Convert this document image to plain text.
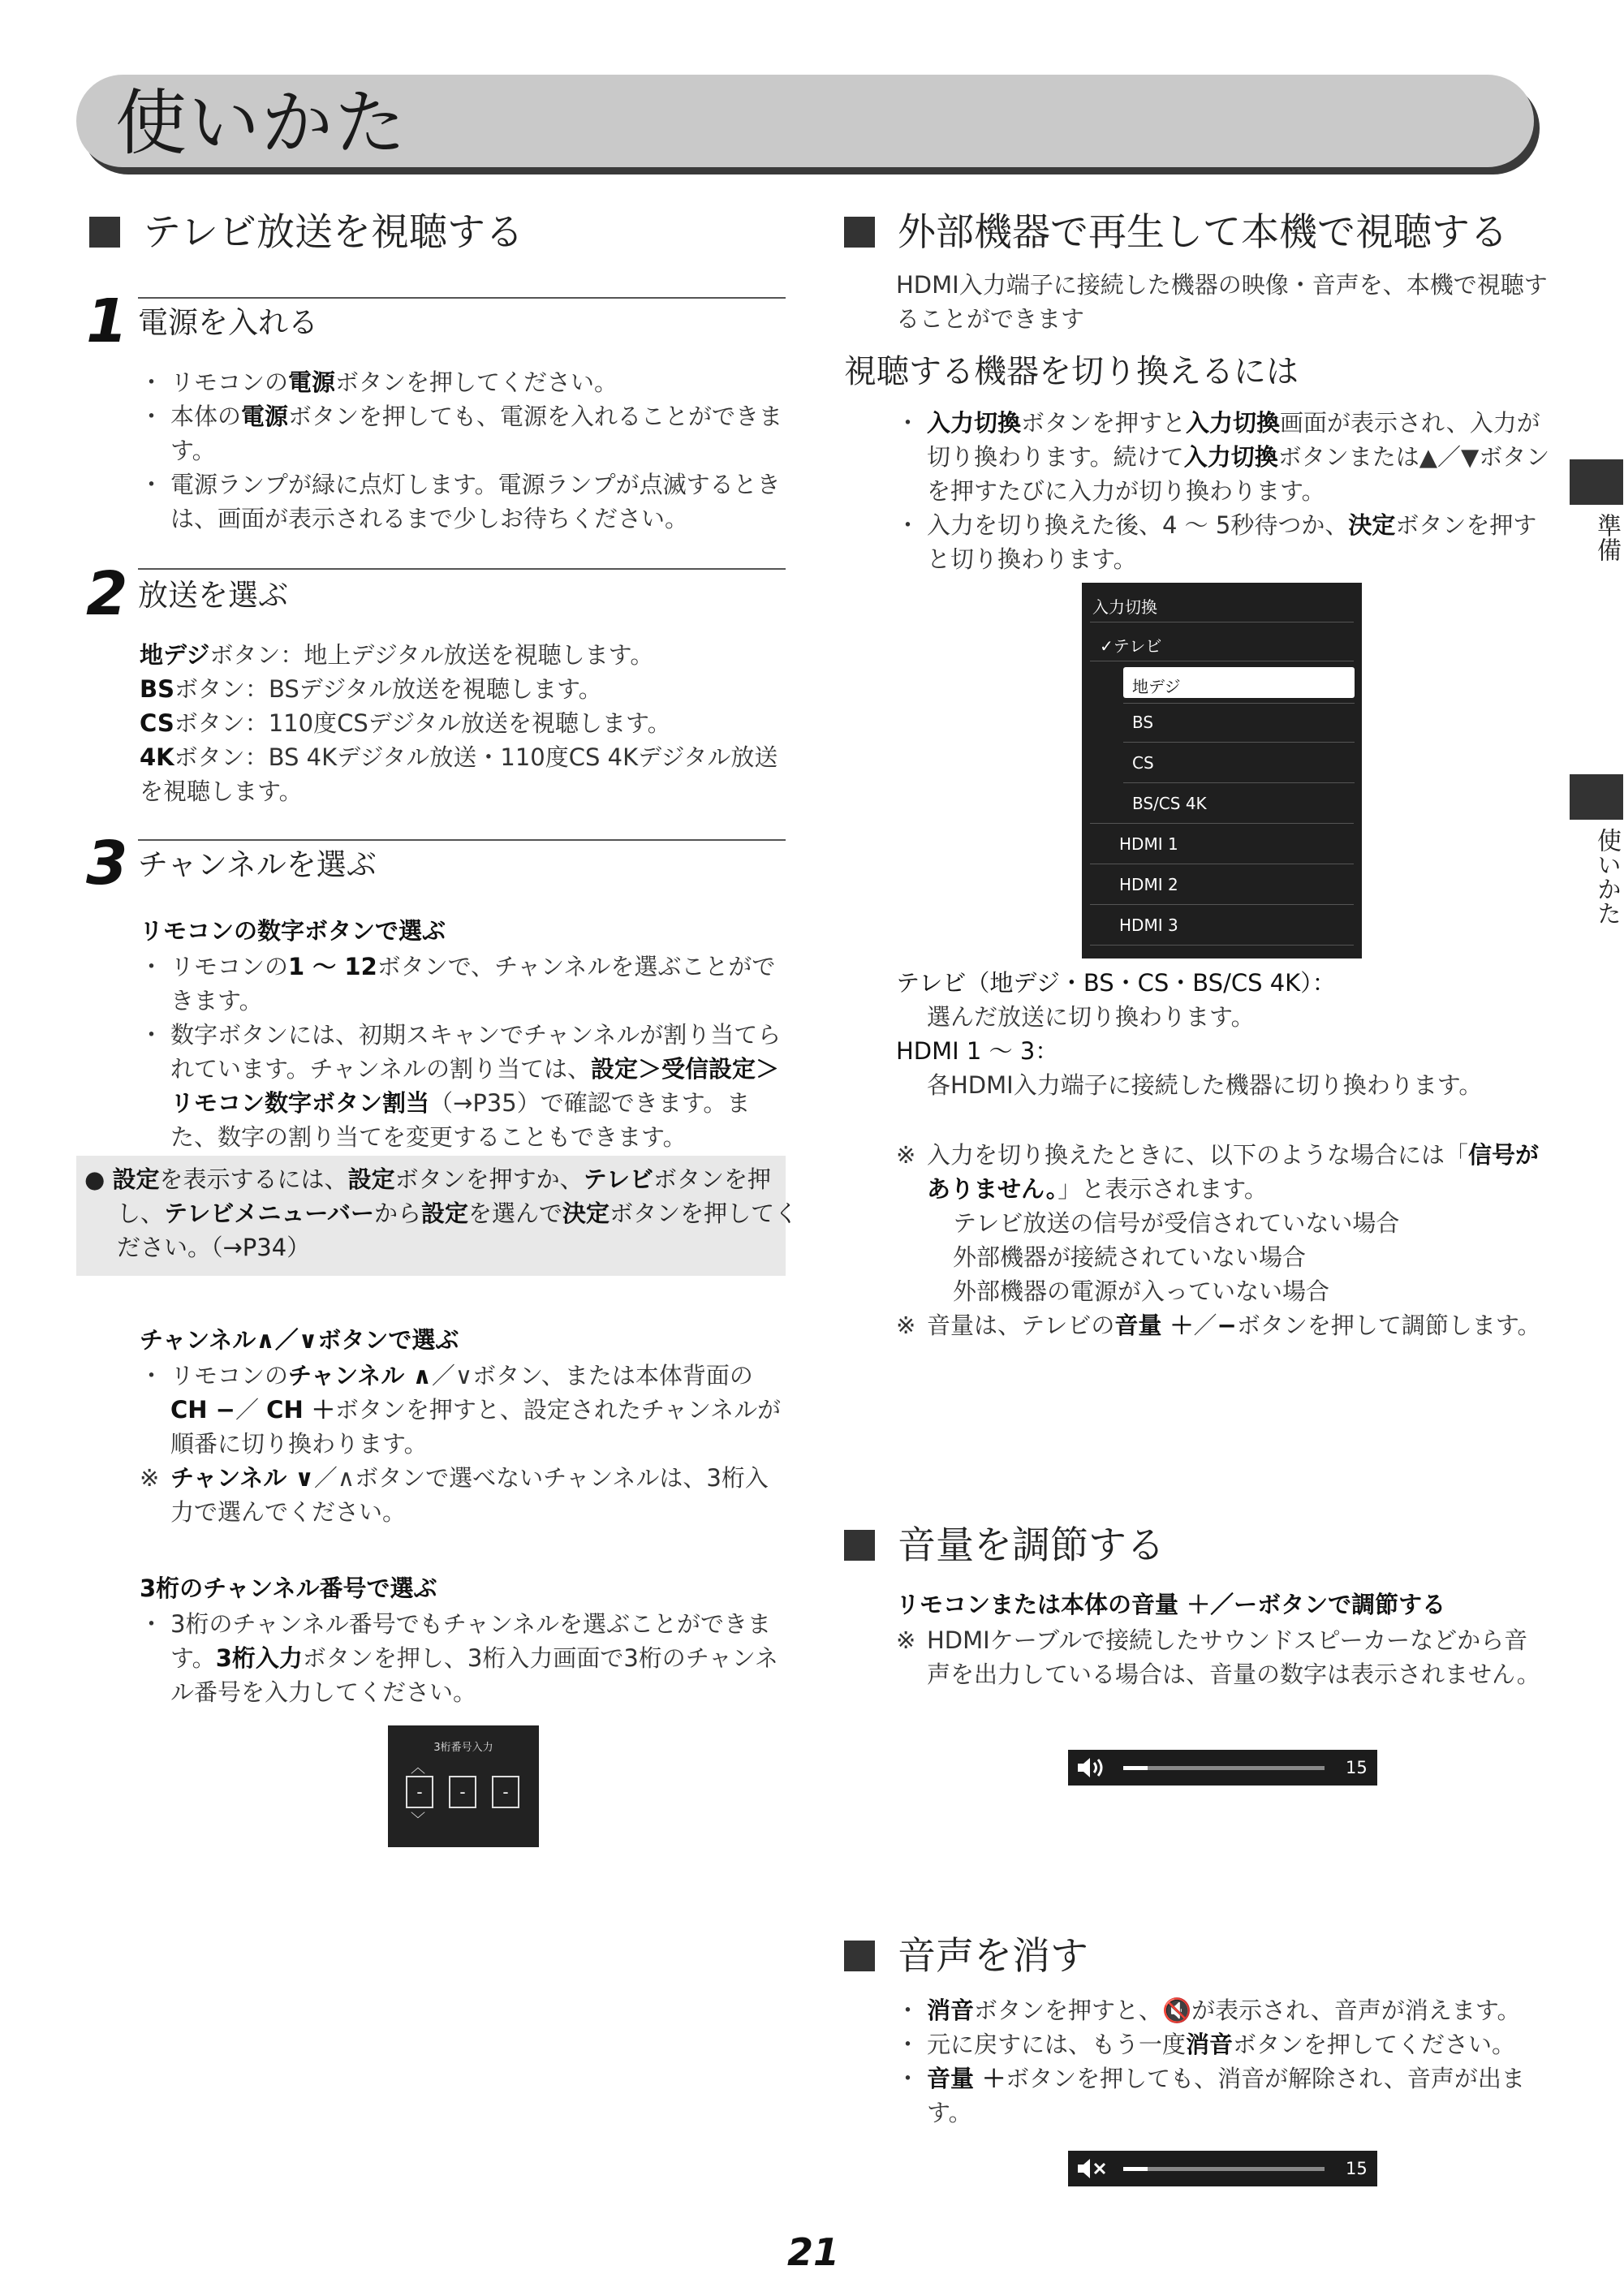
使いかた
準備
使いかた
テレビ放送を視聴する
1 電源を入れる
・ リモコンの電源ボタンを押してください。
・ 本体の電源ボタンを押しても、電源を入れることができます。
・ 電源ランプが緑に点灯します。電源ランプが点滅するときは、画面が表示されるまで少しお待ちください。
2 放送を選ぶ
地デジボタン：地上デジタル放送を視聴します。
BSボタン：BSデジタル放送を視聴します。
CSボタン：110度CSデジタル放送を視聴します。
4Kボタン：BS 4Kデジタル放送・110度CS 4Kデジタル放送を視聴します。
3 チャンネルを選ぶ
リモコンの数字ボタンで選ぶ
・ リモコンの1 〜 12ボタンで、チャンネルを選ぶことができます。
・ 数字ボタンには、初期スキャンでチャンネルが割り当てられています。チャンネルの割り当ては、設定＞受信設定＞リモコン数字ボタン割当（→P35）で確認できます。また、数字の割り当てを変更することもできます。
● 設定を表示するには、設定ボタンを押すか、テレビボタンを押し、テレビメニューバーから設定を選んで決定ボタンを押してください。（→P34）
チャンネル∧／∨ボタンで選ぶ
・ リモコンのチャンネル ∧／∨ボタン、または本体背面のCH −／ CH ＋ボタンを押すと、設定されたチャンネルが順番に切り換わります。
※ チャンネル ∨／∧ボタンで選べないチャンネルは、3桁入力で選んでください。
3桁のチャンネル番号で選ぶ
・ 3桁のチャンネル番号でもチャンネルを選ぶことができます。3桁入力ボタンを押し、3桁入力画面で3桁のチャンネル番号を入力してください。
3桁番号入力
︿
-	-	-
﹀
外部機器で再生して本機で視聴する
HDMI入力端子に接続した機器の映像・音声を、本機で視聴することができます
視聴する機器を切り換えるには
・ 入力切換ボタンを押すと入力切換画面が表示され、入力が切り換わります。続けて入力切換ボタンまたは▲／▼ボタンを押すたびに入力が切り換わります。
・ 入力を切り換えた後、4 〜 5秒待つか、決定ボタンを押すと切り換わります。
入力切換
✓テレビ
地デジ
BS
CS
BS/CS 4K
HDMI 1
HDMI 2
HDMI 3
テレビ（地デジ・BS・CS・BS/CS 4K）：
選んだ放送に切り換わります。
HDMI 1 〜 3：
各HDMI入力端子に接続した機器に切り換わります。
※ 入力を切り換えたときに、以下のような場合には「信号がありません。」と表示されます。
テレビ放送の信号が受信されていない場合
外部機器が接続されていない場合
外部機器の電源が入っていない場合
※ 音量は、テレビの音量 ＋／−ボタンを押して調節します。
音量を調節する
リモコンまたは本体の音量 ＋／ーボタンで調節する
※ HDMIケーブルで接続したサウンドスピーカーなどから音声を出力している場合は、音量の数字は表示されません。
15
音声を消す
・ 消音ボタンを押すと、🔇が表示され、音声が消えます。
・ 元に戻すには、もう一度消音ボタンを押してください。
・ 音量 ＋ボタンを押しても、消音が解除され、音声が出ます。
15
21
